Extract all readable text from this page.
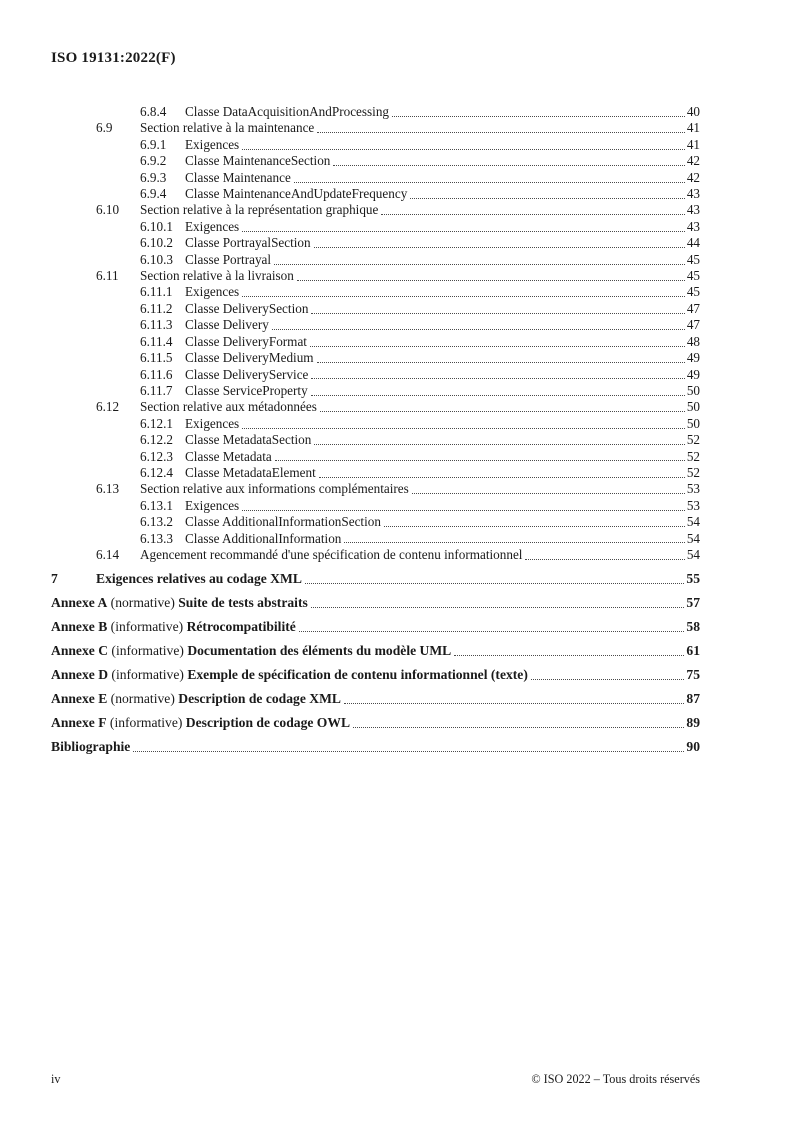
ISO 19131:2022(F)
6.8.4	Classe DataAcquisitionAndProcessing	40
6.9	Section relative à la maintenance	41
6.9.1	Exigences	41
6.9.2	Classe MaintenanceSection	42
6.9.3	Classe Maintenance	42
6.9.4	Classe MaintenanceAndUpdateFrequency	43
6.10	Section relative à la représentation graphique	43
6.10.1 Exigences	43
6.10.2 Classe PortrayalSection	44
6.10.3 Classe Portrayal	45
6.11	Section relative à la livraison	45
6.11.1 Exigences	45
6.11.2 Classe DeliverySection	47
6.11.3 Classe Delivery	47
6.11.4 Classe DeliveryFormat	48
6.11.5 Classe DeliveryMedium	49
6.11.6 Classe DeliveryService	49
6.11.7 Classe ServiceProperty	50
6.12	Section relative aux métadonnées	50
6.12.1 Exigences	50
6.12.2 Classe MetadataSection	52
6.12.3 Classe Metadata	52
6.12.4 Classe MetadataElement	52
6.13	Section relative aux informations complémentaires	53
6.13.1 Exigences	53
6.13.2 Classe AdditionalInformationSection	54
6.13.3 Classe AdditionalInformation	54
6.14	Agencement recommandé d'une spécification de contenu informationnel	54
7	Exigences relatives au codage XML	55
Annexe A (normative) Suite de tests abstraits	57
Annexe B (informative) Rétrocompatibilité	58
Annexe C (informative) Documentation des éléments du modèle UML	61
Annexe D (informative) Exemple de spécification de contenu informationnel (texte)	75
Annexe E (normative) Description de codage XML	87
Annexe F (informative) Description de codage OWL	89
Bibliographie	90
iv	© ISO 2022 – Tous droits réservés
